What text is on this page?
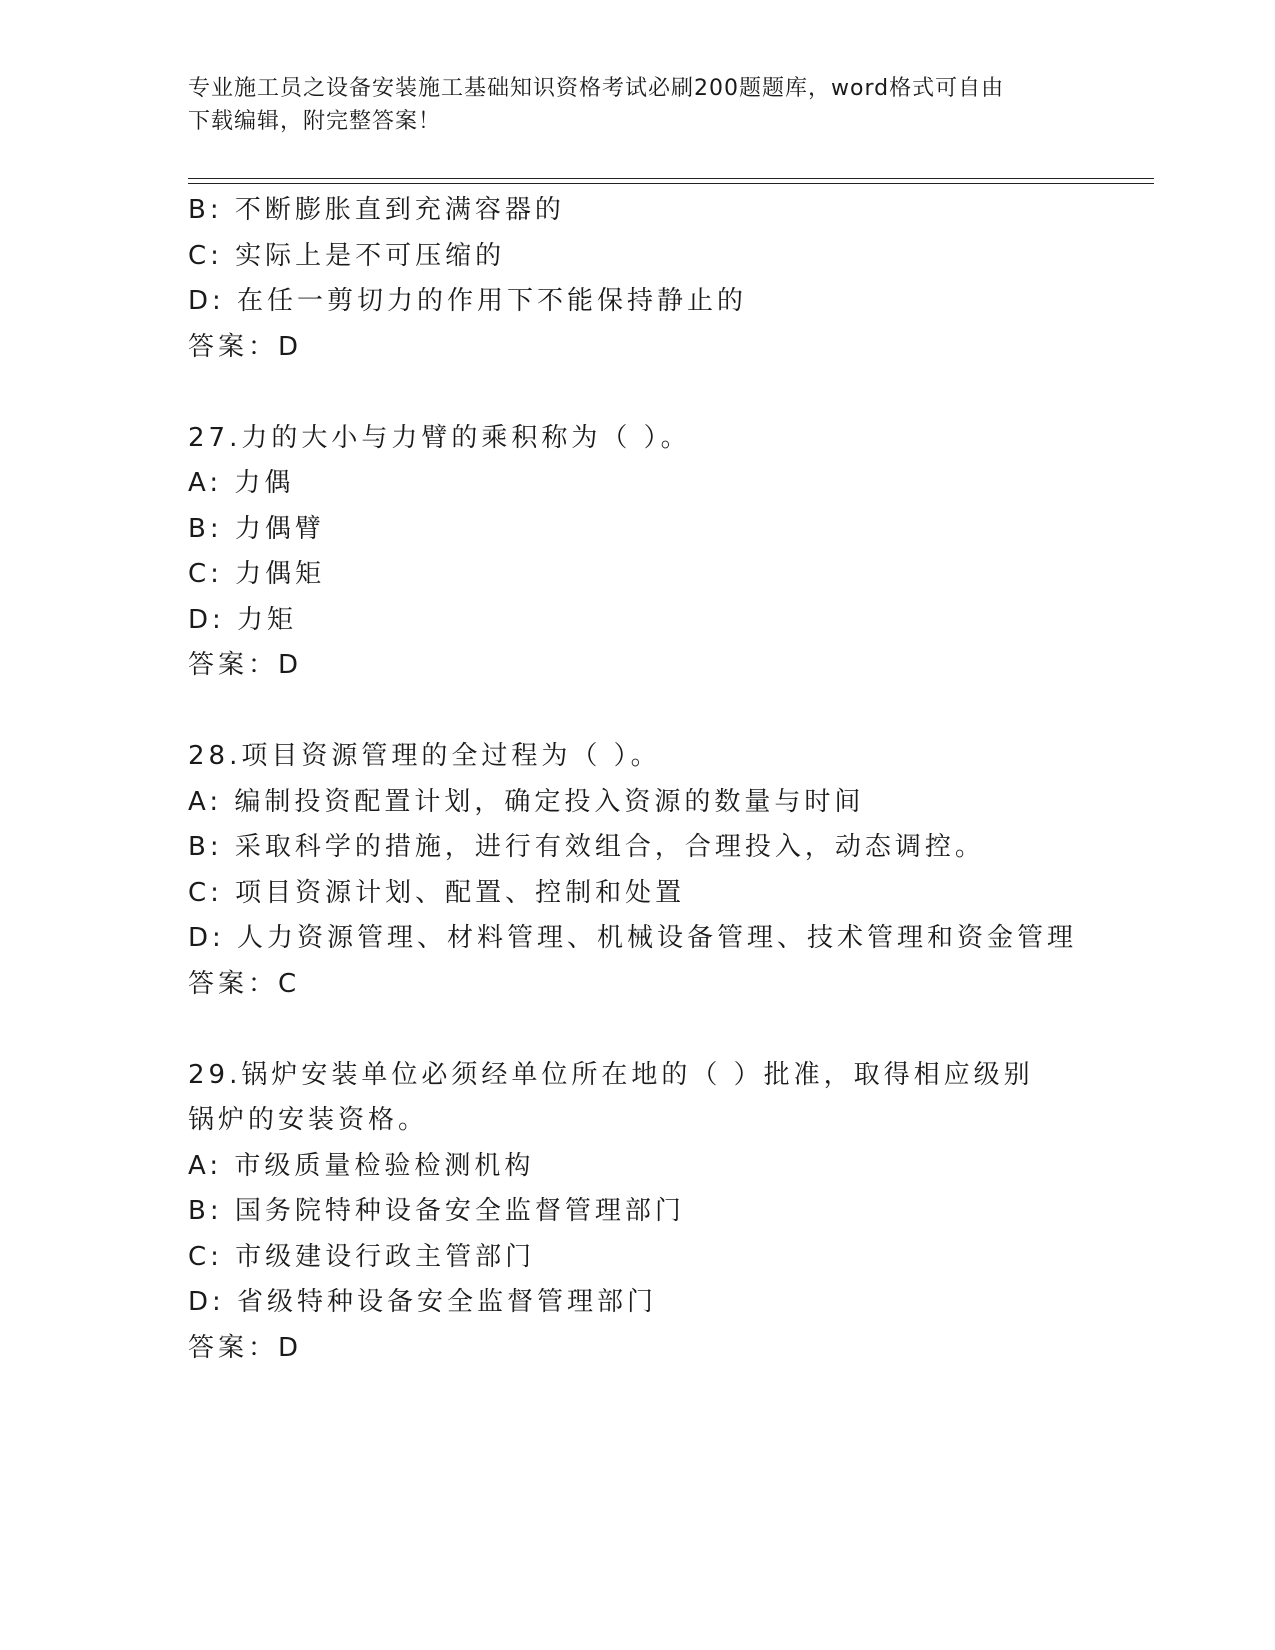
专业施工员之设备安装施工基础知识资格考试必刷200题题库，word格式可自由
下载编辑，附完整答案！
B: 不断膨胀直到充满容器的
C: 实际上是不可压缩的
D: 在任一剪切力的作用下不能保持静止的
答案：D
27.力的大小与力臂的乘积称为（ ）。
A: 力偶
B: 力偶臂
C: 力偶矩
D: 力矩
答案：D
28.项目资源管理的全过程为（ ）。
A: 编制投资配置计划，确定投入资源的数量与时间
B: 采取科学的措施，进行有效组合，合理投入，动态调控。
C: 项目资源计划、配置、控制和处置
D: 人力资源管理、材料管理、机械设备管理、技术管理和资金管理
答案：C
29.锅炉安装单位必须经单位所在地的（ ）批准，取得相应级别锅炉的安装资格。
A: 市级质量检验检测机构
B: 国务院特种设备安全监督管理部门
C: 市级建设行政主管部门
D: 省级特种设备安全监督管理部门
答案：D
